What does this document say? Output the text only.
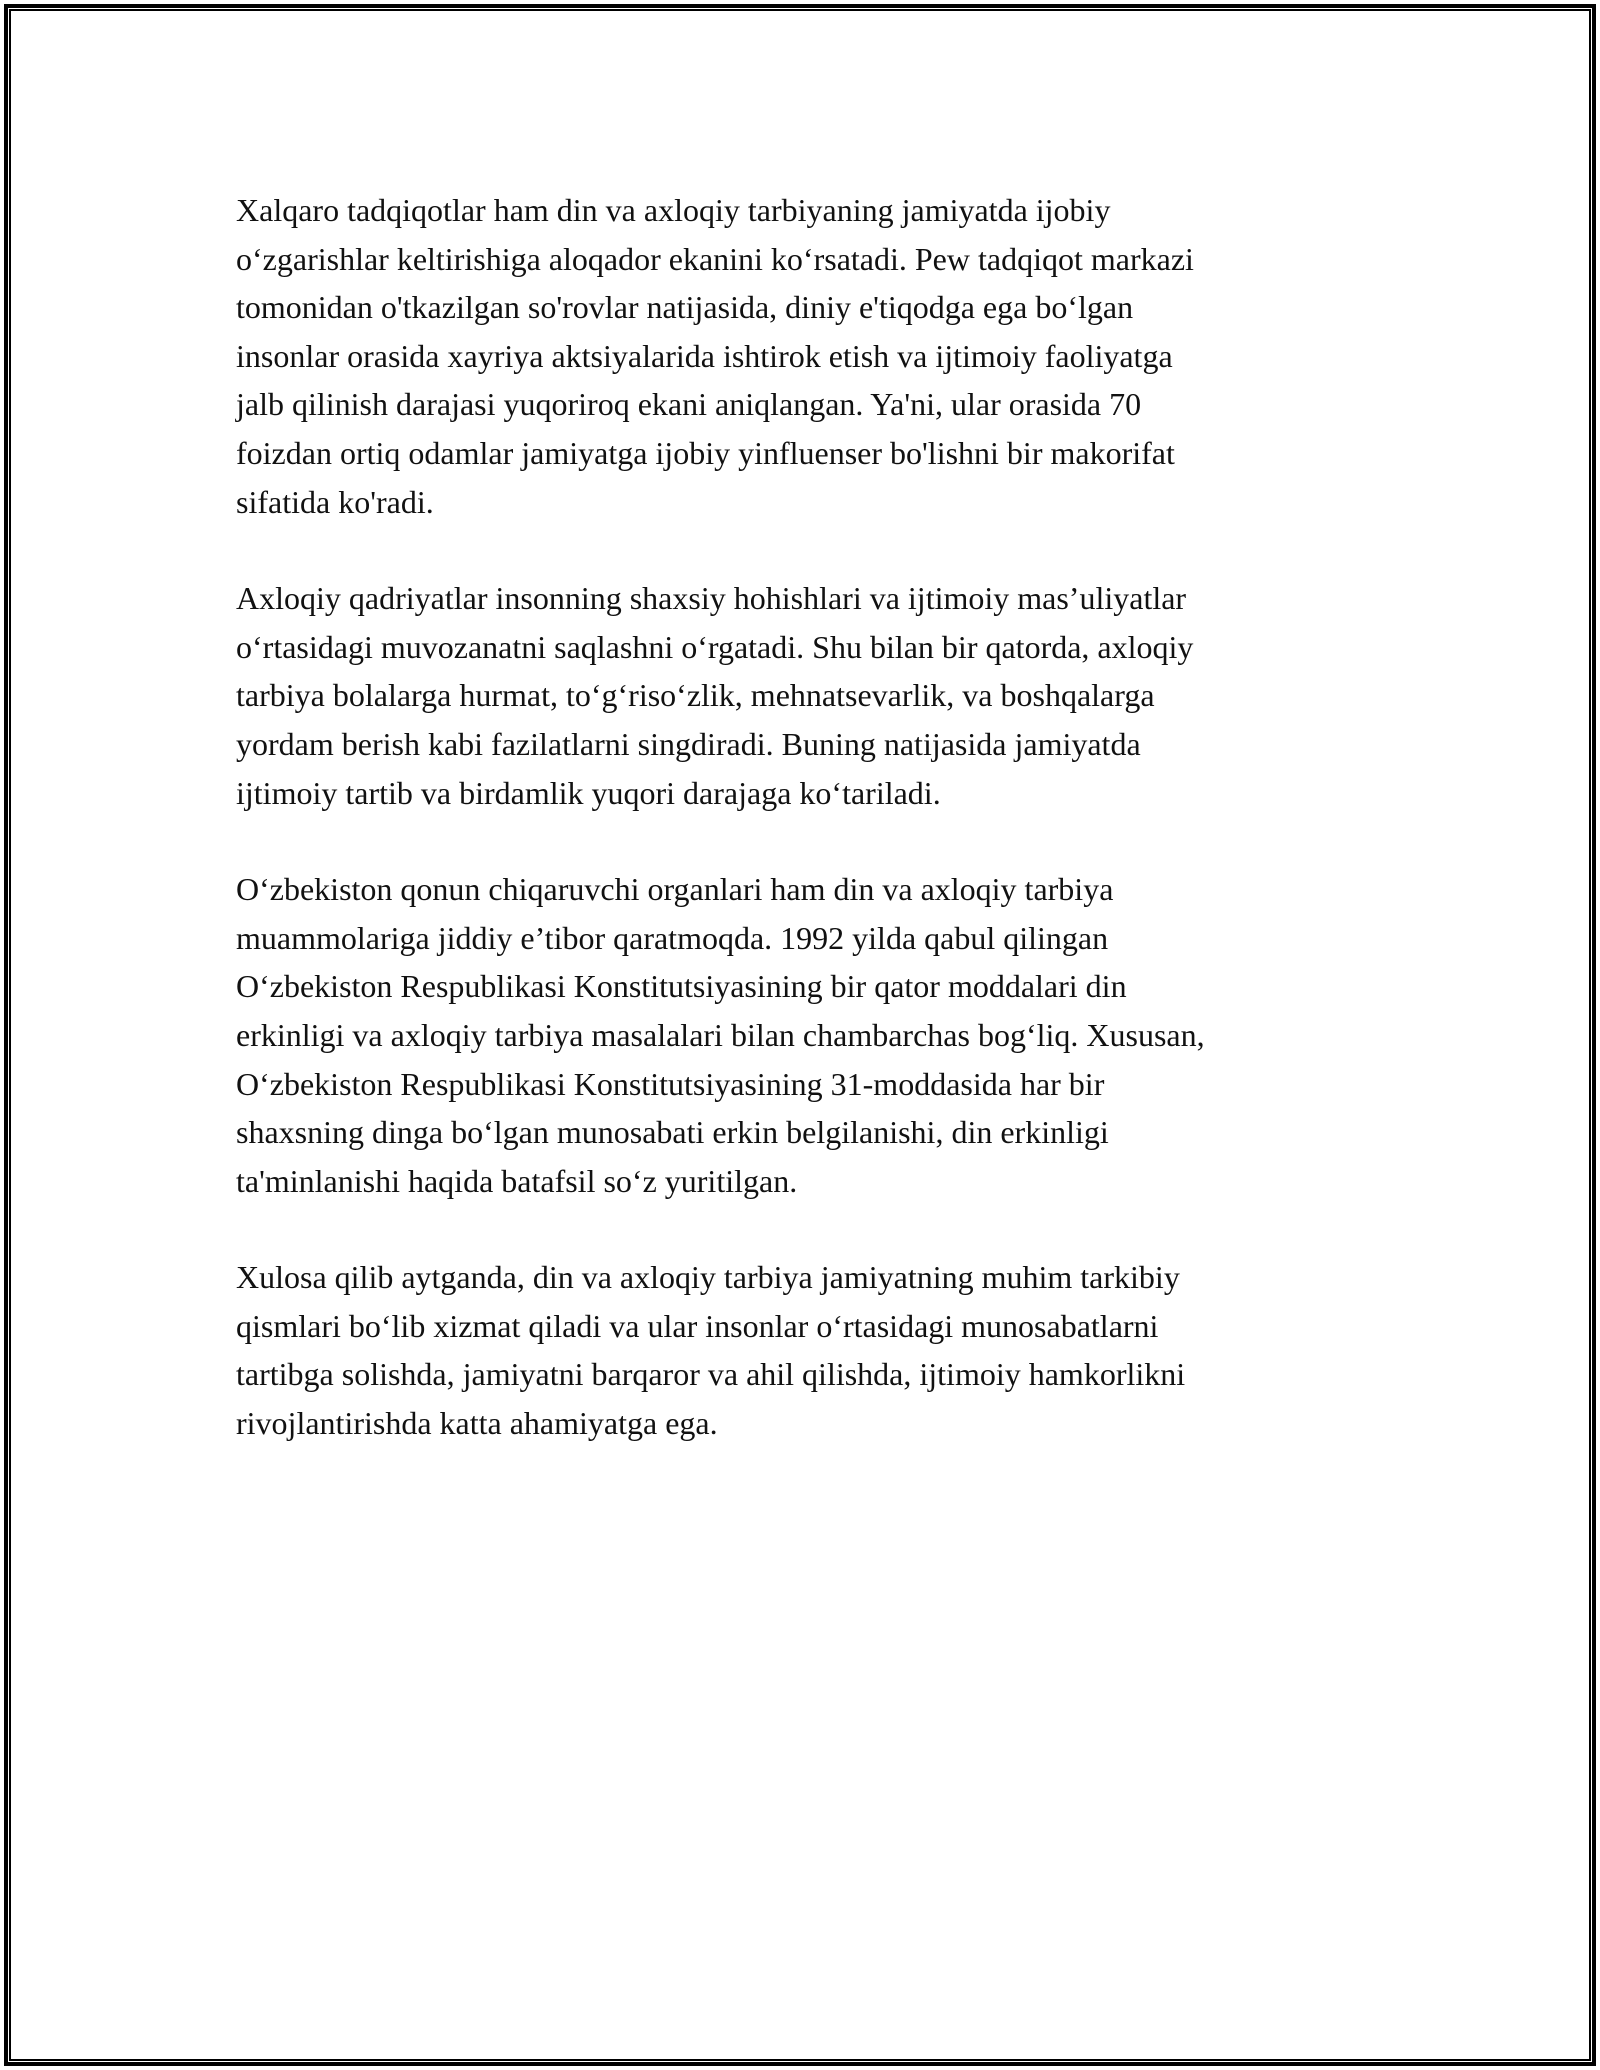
Xalqaro tadqiqotlar ham din va axloqiy tarbiyaning jamiyatda ijobiy
o‘zgarishlar keltirishiga aloqador ekanini ko‘rsatadi. Pew tadqiqot markazi
tomonidan o'tkazilgan so'rovlar natijasida, diniy e'tiqodga ega bo‘lgan
insonlar orasida xayriya aktsiyalarida ishtirok etish va ijtimoiy faoliyatga
jalb qilinish darajasi yuqoriroq ekani aniqlangan. Ya'ni, ular orasida 70
foizdan ortiq odamlar jamiyatga ijobiy yinfluenser bo'lishni bir makorifat
sifatida ko'radi.

Axloqiy qadriyatlar insonning shaxsiy hohishlari va ijtimoiy mas’uliyatlar
o‘rtasidagi muvozanatni saqlashni o‘rgatadi. Shu bilan bir qatorda, axloqiy
tarbiya bolalarga hurmat, to‘g‘riso‘zlik, mehnatsevarlik, va boshqalarga
yordam berish kabi fazilatlarni singdiradi. Buning natijasida jamiyatda
ijtimoiy tartib va birdamlik yuqori darajaga ko‘tariladi.

O‘zbekiston qonun chiqaruvchi organlari ham din va axloqiy tarbiya
muammolariga jiddiy e’tibor qaratmoqda. 1992 yilda qabul qilingan
O‘zbekiston Respublikasi Konstitutsiyasining bir qator moddalari din
erkinligi va axloqiy tarbiya masalalari bilan chambarchas bog‘liq. Xususan,
O‘zbekiston Respublikasi Konstitutsiyasining 31-moddasida har bir
shaxsning dinga bo‘lgan munosabati erkin belgilanishi, din erkinligi
ta'minlanishi haqida batafsil so‘z yuritilgan.

Xulosa qilib aytganda, din va axloqiy tarbiya jamiyatning muhim tarkibiy
qismlari bo‘lib xizmat qiladi va ular insonlar o‘rtasidagi munosabatlarni
tartibga solishda, jamiyatni barqaror va ahil qilishda, ijtimoiy hamkorlikni
rivojlantirishda katta ahamiyatga ega.
